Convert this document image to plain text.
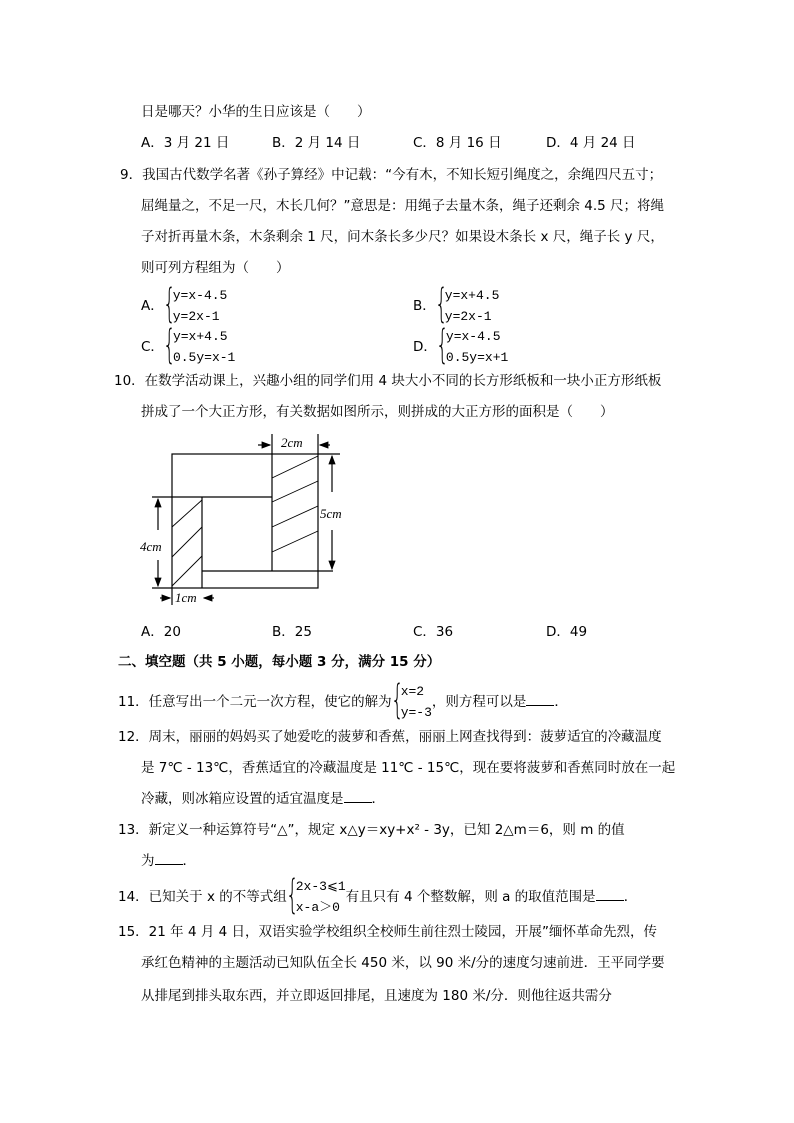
日是哪天？小华的生日应该是（　　）
A．3 月 21 日	B．2 月 14 日	C．8 月 16 日	D．4 月 24 日
9．我国古代数学名著《孙子算经》中记载：“今有木，不知长短引绳度之，余绳四尺五寸；
屈绳量之，不足一尺，木长几何？”意思是：用绳子去量木条，绳子还剩余 4.5 尺；将绳
子对折再量木条，木条剩余 1 尺，问木条长多少尺？如果设木条长 x 尺，绳子长 y 尺，
则可列方程组为（　　）
A． {
y=x-4.5
y=2x-1
B． {
y=x+4.5
y=2x-1
C． {
y=x+4.5
0.5y=x-1
D． {
y=x-4.5
0.5y=x+1
10．在数学活动课上，兴趣小组的同学们用 4 块大小不同的长方形纸板和一块小正方形纸板
拼成了一个大正方形，有关数据如图所示，则拼成的大正方形的面积是（　　）
2cm
5cm
4cm
1cm
A．20	B．25	C．36	D．49
二、填空题（共 5 小题，每小题 3 分，满分 15 分）
11．任意写出一个二元一次方程，使它的解为 {
x=2
y=-3
，则方程可以是 ．
12．周末，丽丽的妈妈买了她爱吃的菠萝和香蕉，丽丽上网查找得到：菠萝适宜的冷藏温度
是 7℃ - 13℃，香蕉适宜的冷藏温度是 11℃ - 15℃，现在要将菠萝和香蕉同时放在一起
冷藏，则冰箱应设置的适宜温度是 ．
13．新定义一种运算符号“△”，规定 x△y＝xy+x² - 3y，已知 2△m＝6，则 m 的值
为 ．
14．已知关于 x 的不等式组 {
2x-3⩽1
x-a＞0
有且只有 4 个整数解，则 a 的取值范围是 ．
15．21 年 4 月 4 日，双语实验学校组织全校师生前往烈士陵园，开展”缅怀革命先烈，传
承红色精神的主题活动已知队伍全长 450 米，以 90 米/分的速度匀速前进．王平同学要
从排尾到排头取东西，并立即返回排尾，且速度为 180 米/分．则他往返共需分
